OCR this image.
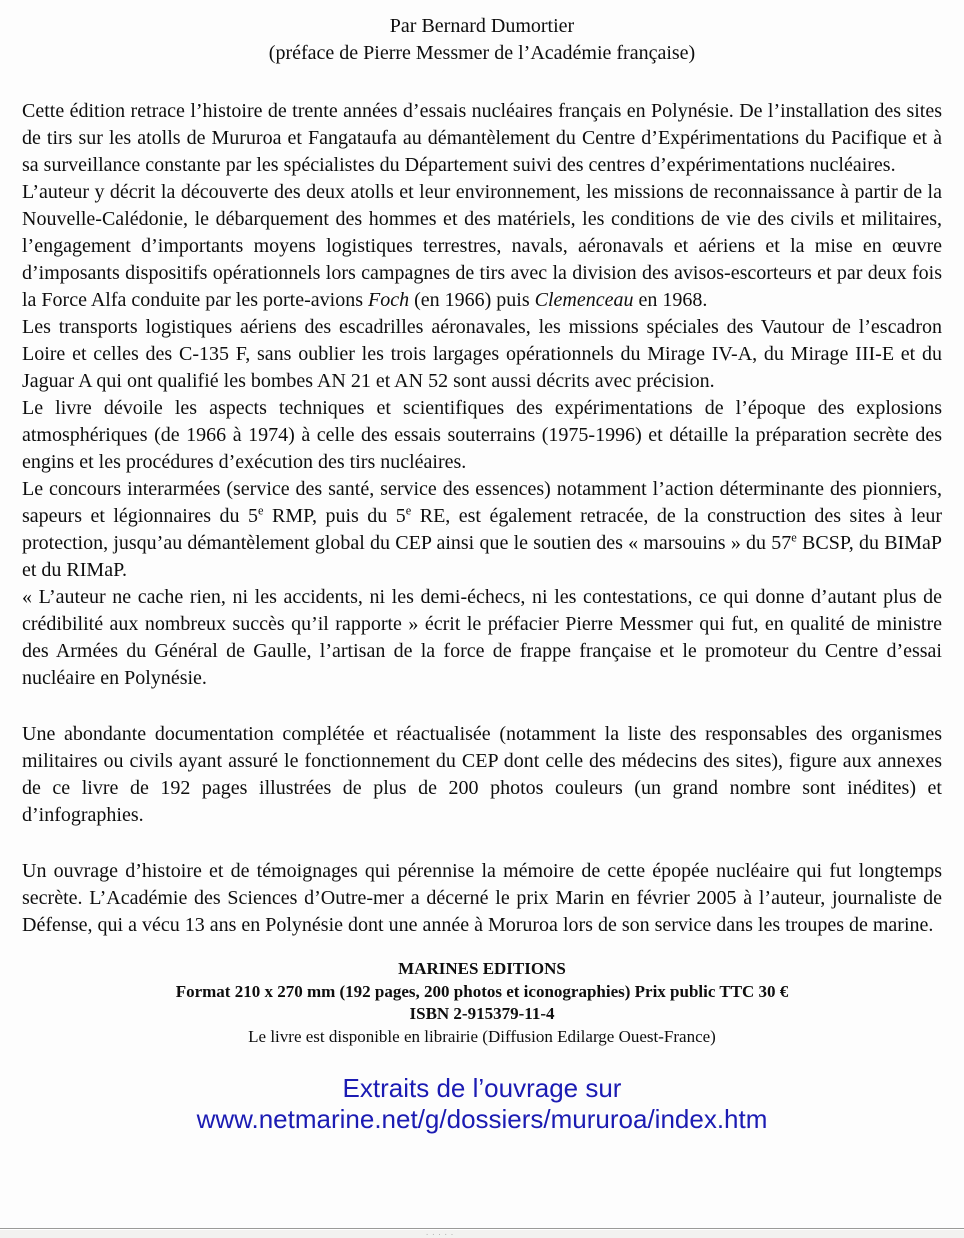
Par Bernard Dumortier
(préface de Pierre Messmer de l’Académie française)

Cette édition retrace l’histoire de trente années d’essais nucléaires français en Polynésie. De l’installation des sites de tirs sur les atolls de Mururoa et Fangataufa au démantèlement du Centre d’Expérimentations du Pacifique et à sa surveillance constante par les spécialistes du Département suivi des centres d’expérimentations nucléaires.

L’auteur y décrit la découverte des deux atolls et leur environnement, les missions de reconnaissance à partir de la Nouvelle-Calédonie, le débarquement des hommes et des matériels, les conditions de vie des civils et militaires, l’engagement d’importants moyens logistiques terrestres, navals, aéronavals et aériens et la mise en œuvre d’imposants dispositifs opérationnels lors campagnes de tirs avec la division des avisos-escorteurs et par deux fois la Force Alfa conduite par les porte-avions Foch (en 1966) puis Clemenceau en 1968.

Les transports logistiques aériens des escadrilles aéronavales, les missions spéciales des Vautour de l’escadron Loire et celles des C-135 F, sans oublier les trois largages opérationnels du Mirage IV-A, du Mirage III-E et du Jaguar A qui ont qualifié les bombes AN 21 et AN 52 sont aussi décrits avec précision.

Le livre dévoile les aspects techniques et scientifiques des expérimentations de l’époque des explosions atmosphériques (de 1966 à 1974) à celle des essais souterrains (1975-1996) et détaille la préparation secrète des engins et les procédures d’exécution des tirs nucléaires.

Le concours interarmées (service des santé, service des essences) notamment l’action déterminante des pionniers, sapeurs et légionnaires du 5e RMP, puis du 5e RE, est également retracée, de la construction des sites à leur protection, jusqu’au démantèlement global du CEP ainsi que le soutien des « marsouins » du 57e BCSP, du BIMaP et du RIMaP.

« L’auteur ne cache rien, ni les accidents, ni les demi-échecs, ni les contestations, ce qui donne d’autant plus de crédibilité aux nombreux succès qu’il rapporte » écrit le préfacier Pierre Messmer qui fut, en qualité de ministre des Armées du Général de Gaulle, l’artisan de la force de frappe française et le promoteur du Centre d’essai nucléaire en Polynésie.

Une abondante documentation complétée et réactualisée (notamment la liste des responsables des organismes militaires ou civils ayant assuré le fonctionnement du CEP dont celle des médecins des sites), figure aux annexes de ce livre de 192 pages illustrées de plus de 200 photos couleurs (un grand nombre sont inédites) et d’infographies.

Un ouvrage d’histoire et de témoignages qui pérennise la mémoire de cette épopée nucléaire qui fut longtemps secrète. L’Académie des Sciences d’Outre-mer a décerné le prix Marin en février 2005 à l’auteur, journaliste de Défense, qui a vécu 13 ans en Polynésie dont une année à Moruroa lors de son service dans les troupes de marine.

MARINES EDITIONS
Format 210 x 270 mm (192 pages, 200 photos et iconographies) Prix public TTC 30 €
ISBN 2-915379-11-4
Le livre est disponible en librairie (Diffusion Edilarge Ouest-France)
Extraits de l’ouvrage sur
www.netmarine.net/g/dossiers/mururoa/index.htm
.....
